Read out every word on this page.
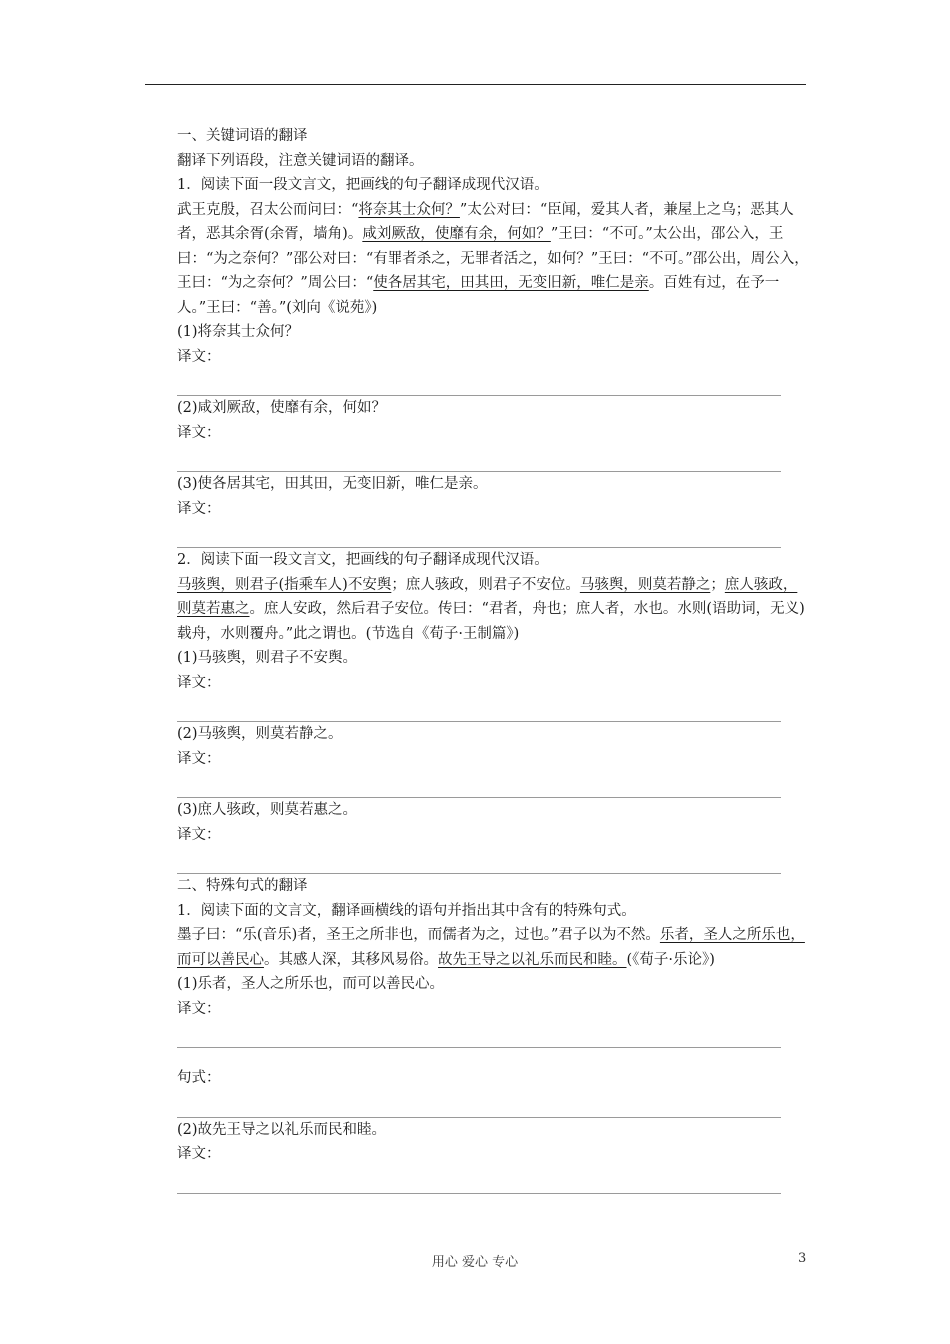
一、关键词语的翻译

翻译下列语段，注意关键词语的翻译。

1．阅读下面一段文言文，把画线的句子翻译成现代汉语。

武王克殷，召太公而问曰：“将奈其士众何？”太公对曰：“臣闻，爱其人者，兼屋上之乌；恶其人者，恶其余胥(余胥，墙角)。咸刘厥敌，使靡有余，何如？”王曰：“不可。”太公出，邵公入，王曰：“为之奈何？”邵公对曰：“有罪者杀之，无罪者活之，如何？”王曰：“不可。”邵公出，周公入，王曰：“为之奈何？”周公曰：“使各居其宅，田其田，无变旧新，唯仁是亲。百姓有过，在予一人。”王曰：“善。”(刘向《说苑》)

(1)将奈其士众何？

译文：

(2)咸刘厥敌，使靡有余，何如？

译文：

(3)使各居其宅，田其田，无变旧新，唯仁是亲。

译文：

2．阅读下面一段文言文，把画线的句子翻译成现代汉语。

马骇舆，则君子(指乘车人)不安舆；庶人骇政，则君子不安位。马骇舆，则莫若静之；庶人骇政，则莫若惠之。庶人安政，然后君子安位。传曰：“君者，舟也；庶人者，水也。水则(语助词，无义)载舟，水则覆舟。”此之谓也。(节选自《荀子·王制篇》)

(1)马骇舆，则君子不安舆。

译文：

(2)马骇舆，则莫若静之。

译文：

(3)庶人骇政，则莫若惠之。

译文：

二、特殊句式的翻译

1．阅读下面的文言文，翻译画横线的语句并指出其中含有的特殊句式。

墨子曰：“乐(音乐)者，圣王之所非也，而儒者为之，过也。”君子以为不然。乐者，圣人之所乐也，而可以善民心。其感人深，其移风易俗。故先王导之以礼乐而民和睦。(《荀子·乐论》)

(1)乐者，圣人之所乐也，而可以善民心。

译文：

句式：

(2)故先王导之以礼乐而民和睦。

译文：

用心 爱心 专心	3
